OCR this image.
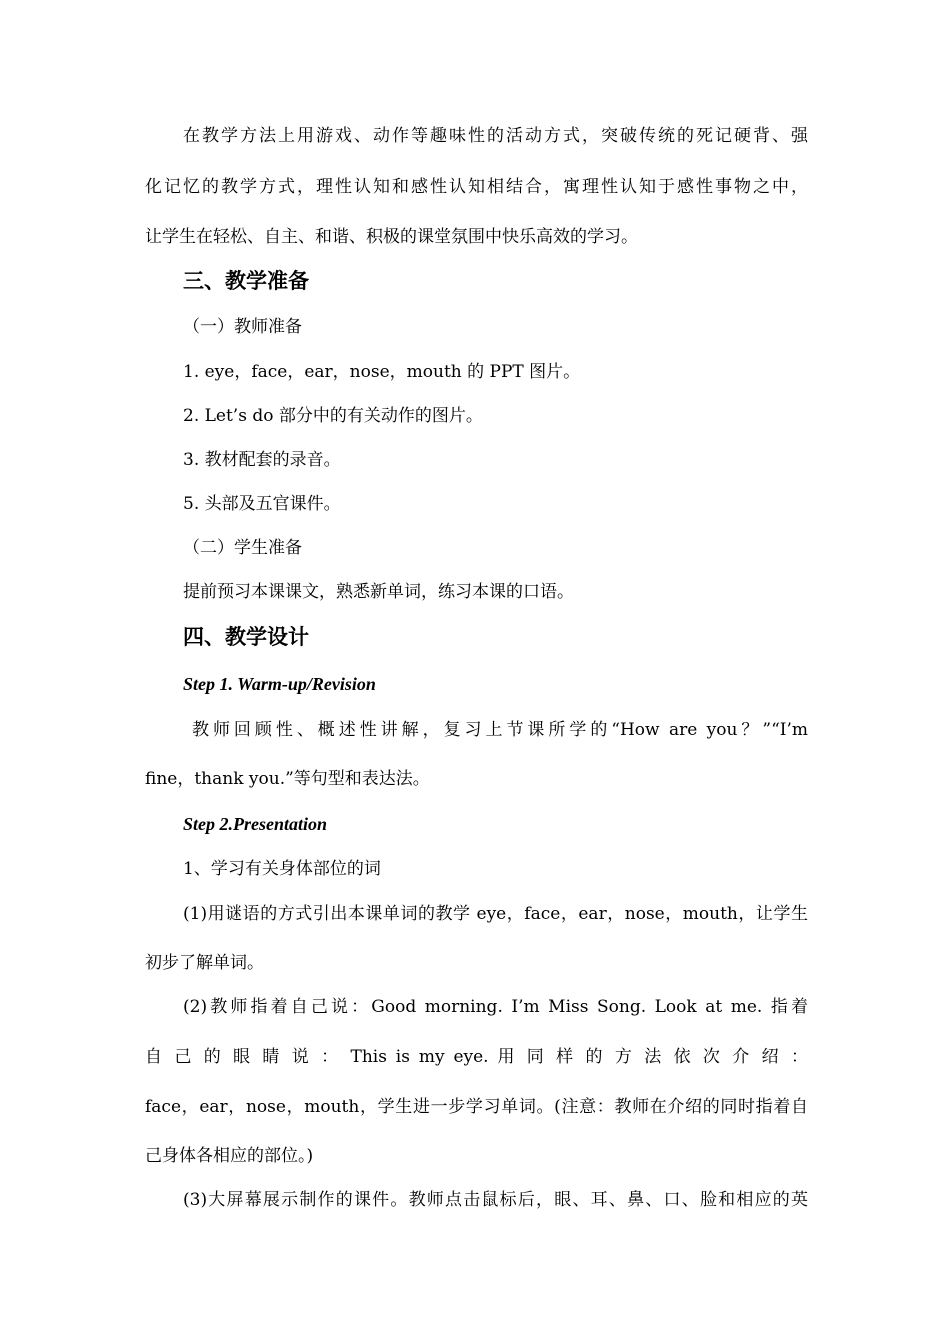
在教学方法上用游戏、动作等趣味性的活动方式，突破传统的死记硬背、强
化记忆的教学方式，理性认知和感性认知相结合，寓理性认知于感性事物之中，
让学生在轻松、自主、和谐、积极的课堂氛围中快乐高效的学习。
三、教学准备
（一）教师准备
1. eye，face，ear，nose，mouth 的 PPT 图片。
2. Let’s do 部分中的有关动作的图片。
3. 教材配套的录音。
5. 头部及五官课件。
（二）学生准备
提前预习本课课文，熟悉新单词，练习本课的口语。
四、教学设计
Step 1. Warm-up/Revision
教师回顾性、概述性讲解，复习上节课所学的“How are you？”“I’m
fine，thank you.”等句型和表达法。
Step 2.Presentation
1、学习有关身体部位的词
(1)用谜语的方式引出本课单词的教学 eye，face，ear，nose，mouth，让学生
初步了解单词。
(2)教师指着自己说：Good morning. I’m Miss Song. Look at me. 指着
自 己 的 眼 睛 说 ： This is my eye. 用 同 样 的 方 法 依 次 介 绍 ：
face，ear，nose，mouth，学生进一步学习单词。(注意：教师在介绍的同时指着自
己身体各相应的部位。)
(3)大屏幕展示制作的课件。教师点击鼠标后，眼、耳、鼻、口、脸和相应的英
